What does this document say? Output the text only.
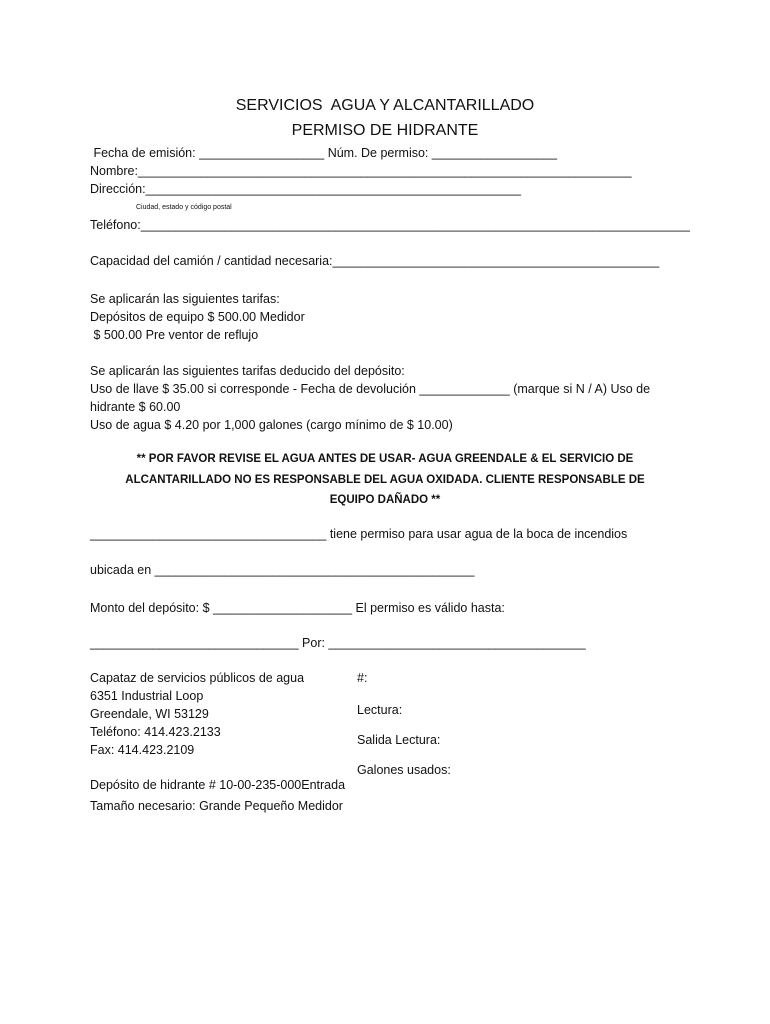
SERVICIOS  AGUA Y ALCANTARILLADO
PERMISO DE HIDRANTE
Fecha de emisión: __________________ Núm. De permiso: __________________
Nombre:_______________________________________________________________________
Dirección:______________________________________________________
Ciudad, estado y código postal
Teléfono:_______________________________________________________________________________
Capacidad del camión / cantidad necesaria:_______________________________________________
Se aplicarán las siguientes tarifas:
Depósitos de equipo $ 500.00 Medidor
$ 500.00 Pre ventor de reflujo
Se aplicarán las siguientes tarifas deducido del depósito:
Uso de llave $ 35.00 si corresponde - Fecha de devolución _____________ (marque si N / A) Uso de
hidrante $ 60.00
Uso de agua $ 4.20 por 1,000 galones (cargo mínimo de $ 10.00)
** POR FAVOR REVISE EL AGUA ANTES DE USAR- AGUA GREENDALE & EL SERVICIO DE
ALCANTARILLADO NO ES RESPONSABLE DEL AGUA OXIDADA. CLIENTE RESPONSABLE DE
EQUIPO DAÑADO **
__________________________________ tiene permiso para usar agua de la boca de incendios
ubicada en ______________________________________________
Monto del depósito: $ ____________________ El permiso es válido hasta:
______________________________ Por: _____________________________________
Capataz de servicios públicos de agua
6351 Industrial Loop
Greendale, WI 53129
Teléfono: 414.423.2133
Fax: 414.423.2109
Depósito de hidrante # 10-00-235-000Entrada
Tamaño necesario: Grande Pequeño Medidor
#:
Lectura:
Salida Lectura:
Galones usados:
